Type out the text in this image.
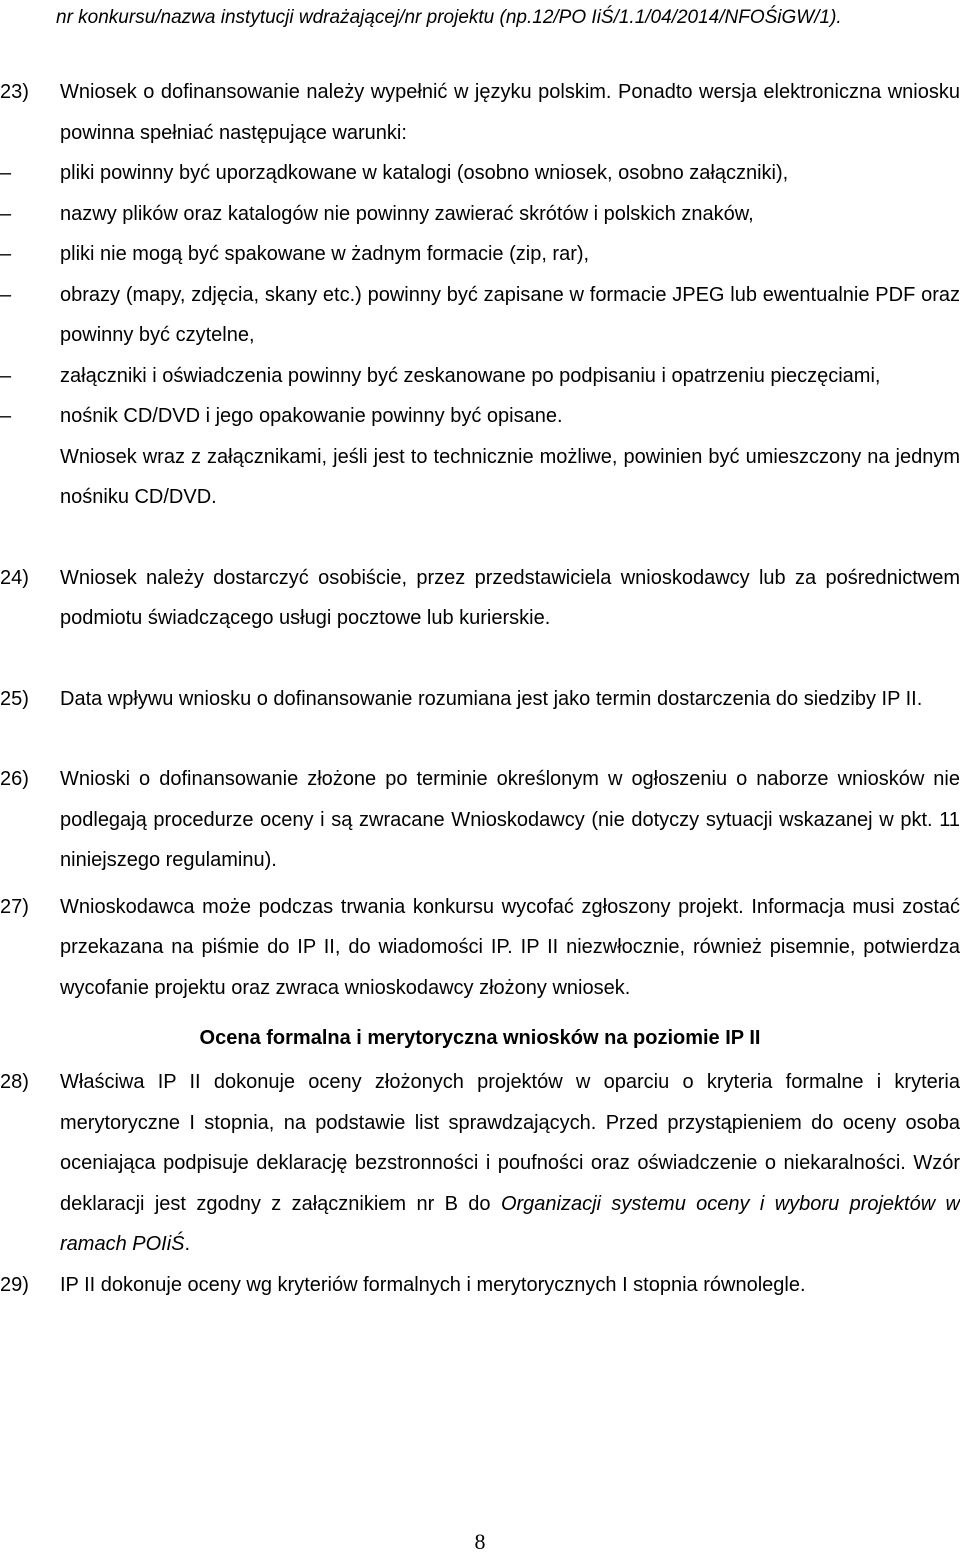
nr konkursu/nazwa instytucji wdrażającej/nr projektu (np.12/PO IiŚ/1.1/04/2014/NFOŚiGW/1).
23)	Wniosek o dofinansowanie należy wypełnić w języku polskim. Ponadto wersja elektroniczna wniosku powinna spełniać następujące warunki:
–	pliki powinny być uporządkowane w katalogi (osobno wniosek, osobno załączniki),
–	nazwy plików oraz katalogów nie powinny zawierać skrótów i polskich znaków,
–	pliki nie mogą być spakowane w żadnym formacie (zip, rar),
–	obrazy (mapy, zdjęcia, skany etc.) powinny być zapisane w formacie JPEG lub ewentualnie PDF oraz powinny być czytelne,
–	załączniki i oświadczenia powinny być zeskanowane po podpisaniu i opatrzeniu pieczęciami,
–	nośnik CD/DVD i jego opakowanie powinny być opisane.
Wniosek wraz z załącznikami, jeśli jest to technicznie możliwe, powinien być umieszczony na jednym nośniku CD/DVD.
24)	Wniosek należy dostarczyć osobiście, przez przedstawiciela wnioskodawcy lub za pośrednictwem podmiotu świadczącego usługi pocztowe lub kurierskie.
25)	Data wpływu wniosku o dofinansowanie rozumiana jest jako termin dostarczenia do siedziby IP II.
26)	Wnioski o dofinansowanie złożone po terminie określonym w ogłoszeniu o naborze wniosków nie podlegają procedurze oceny i są zwracane Wnioskodawcy (nie dotyczy sytuacji wskazanej w pkt. 11 niniejszego regulaminu).
27)	Wnioskodawca może podczas trwania konkursu wycofać zgłoszony projekt. Informacja musi zostać przekazana na piśmie do IP II, do wiadomości IP. IP II niezwłocznie, również pisemnie, potwierdza wycofanie projektu oraz zwraca wnioskodawcy złożony wniosek.
Ocena formalna i merytoryczna wniosków na poziomie IP II
28)	Właściwa IP II dokonuje oceny złożonych projektów w oparciu o kryteria formalne i kryteria merytoryczne I stopnia, na podstawie list sprawdzających. Przed przystąpieniem do oceny osoba oceniająca podpisuje deklarację bezstronności i poufności oraz oświadczenie o niekaralności. Wzór deklaracji jest zgodny z załącznikiem nr B do Organizacji systemu oceny i wyboru projektów w ramach POIiŚ.
29)	IP II dokonuje oceny wg kryteriów formalnych i merytorycznych I stopnia równolegle.
8
